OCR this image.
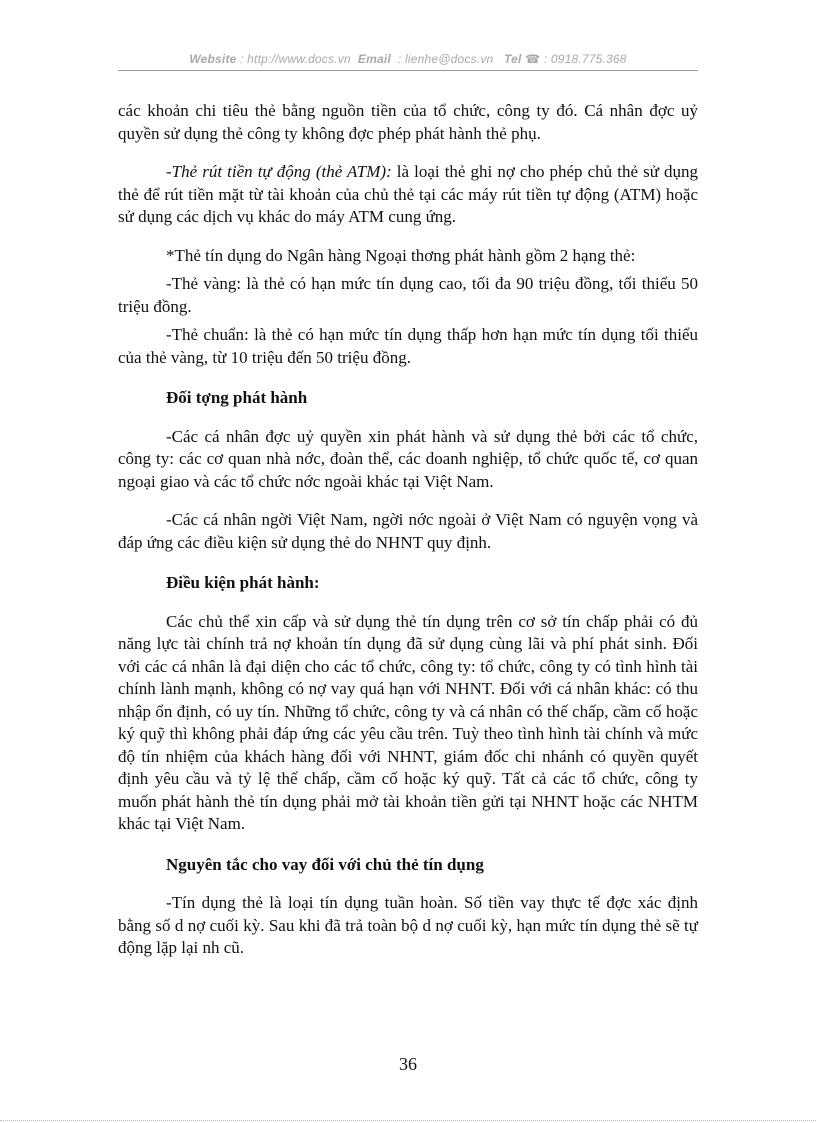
Website : http://www.docs.vn Email : lienhe@docs.vn Tel ☎ : 0918.775.368

các khoản chi tiêu thẻ bằng nguồn tiền của tổ chức, công ty đó. Cá nhân đợc uỷ quyền sử dụng thẻ công ty không đợc phép phát hành thẻ phụ.

-Thẻ rút tiền tự động (thẻ ATM): là loại thẻ ghi nợ cho phép chủ thẻ sử dụng thẻ để rút tiền mặt từ tài khoản của chủ thẻ tại các máy rút tiền tự động (ATM) hoặc sử dụng các dịch vụ khác do máy ATM cung ứng.

*Thẻ tín dụng do Ngân hàng Ngoại thơng phát hành gồm 2 hạng thẻ:

-Thẻ vàng: là thẻ có hạn mức tín dụng cao, tối đa 90 triệu đồng, tối thiểu 50 triệu đồng.

-Thẻ chuẩn: là thẻ có hạn mức tín dụng thấp hơn hạn mức tín dụng tối thiểu của thẻ vàng, từ 10 triệu đến 50 triệu đồng.

Đối tợng phát hành

-Các cá nhân đợc uỷ quyền xin phát hành và sử dụng thẻ bởi các tổ chức, công ty: các cơ quan nhà nớc, đoàn thể, các doanh nghiệp, tổ chức quốc tế, cơ quan ngoại giao và các tổ chức nớc ngoài khác tại Việt Nam.

-Các cá nhân ngời Việt Nam, ngời nớc ngoài ở Việt Nam có nguyện vọng và đáp ứng các điều kiện sử dụng thẻ do NHNT quy định.

Điều kiện phát hành:

Các chủ thể xin cấp và sử dụng thẻ tín dụng trên cơ sở tín chấp phải có đủ năng lực tài chính trả nợ khoản tín dụng đã sử dụng cùng lãi và phí phát sinh. Đối với các cá nhân là đại diện cho các tổ chức, công ty: tổ chức, công ty có tình hình tài chính lành mạnh, không có nợ vay quá hạn với NHNT. Đối với cá nhân khác: có thu nhập ổn định, có uy tín. Những tổ chức, công ty và cá nhân có thế chấp, cầm cố hoặc ký quỹ thì không phải đáp ứng các yêu cầu trên. Tuỳ theo tình hình tài chính và mức độ tín nhiệm của khách hàng đối với NHNT, giám đốc chi nhánh có quyền quyết định yêu cầu và tỷ lệ thế chấp, cầm cố hoặc ký quỹ. Tất cả các tổ chức, công ty muốn phát hành thẻ tín dụng phải mở tài khoản tiền gửi tại NHNT hoặc các NHTM khác tại Việt Nam.

Nguyên tắc cho vay đối với chủ thẻ tín dụng

-Tín dụng thẻ là loại tín dụng tuần hoàn. Số tiền vay thực tế đợc xác định bằng số d nợ cuối kỳ. Sau khi đã trả toàn bộ d nợ cuối kỳ, hạn mức tín dụng thẻ sẽ tự động lặp lại nh cũ.

36
